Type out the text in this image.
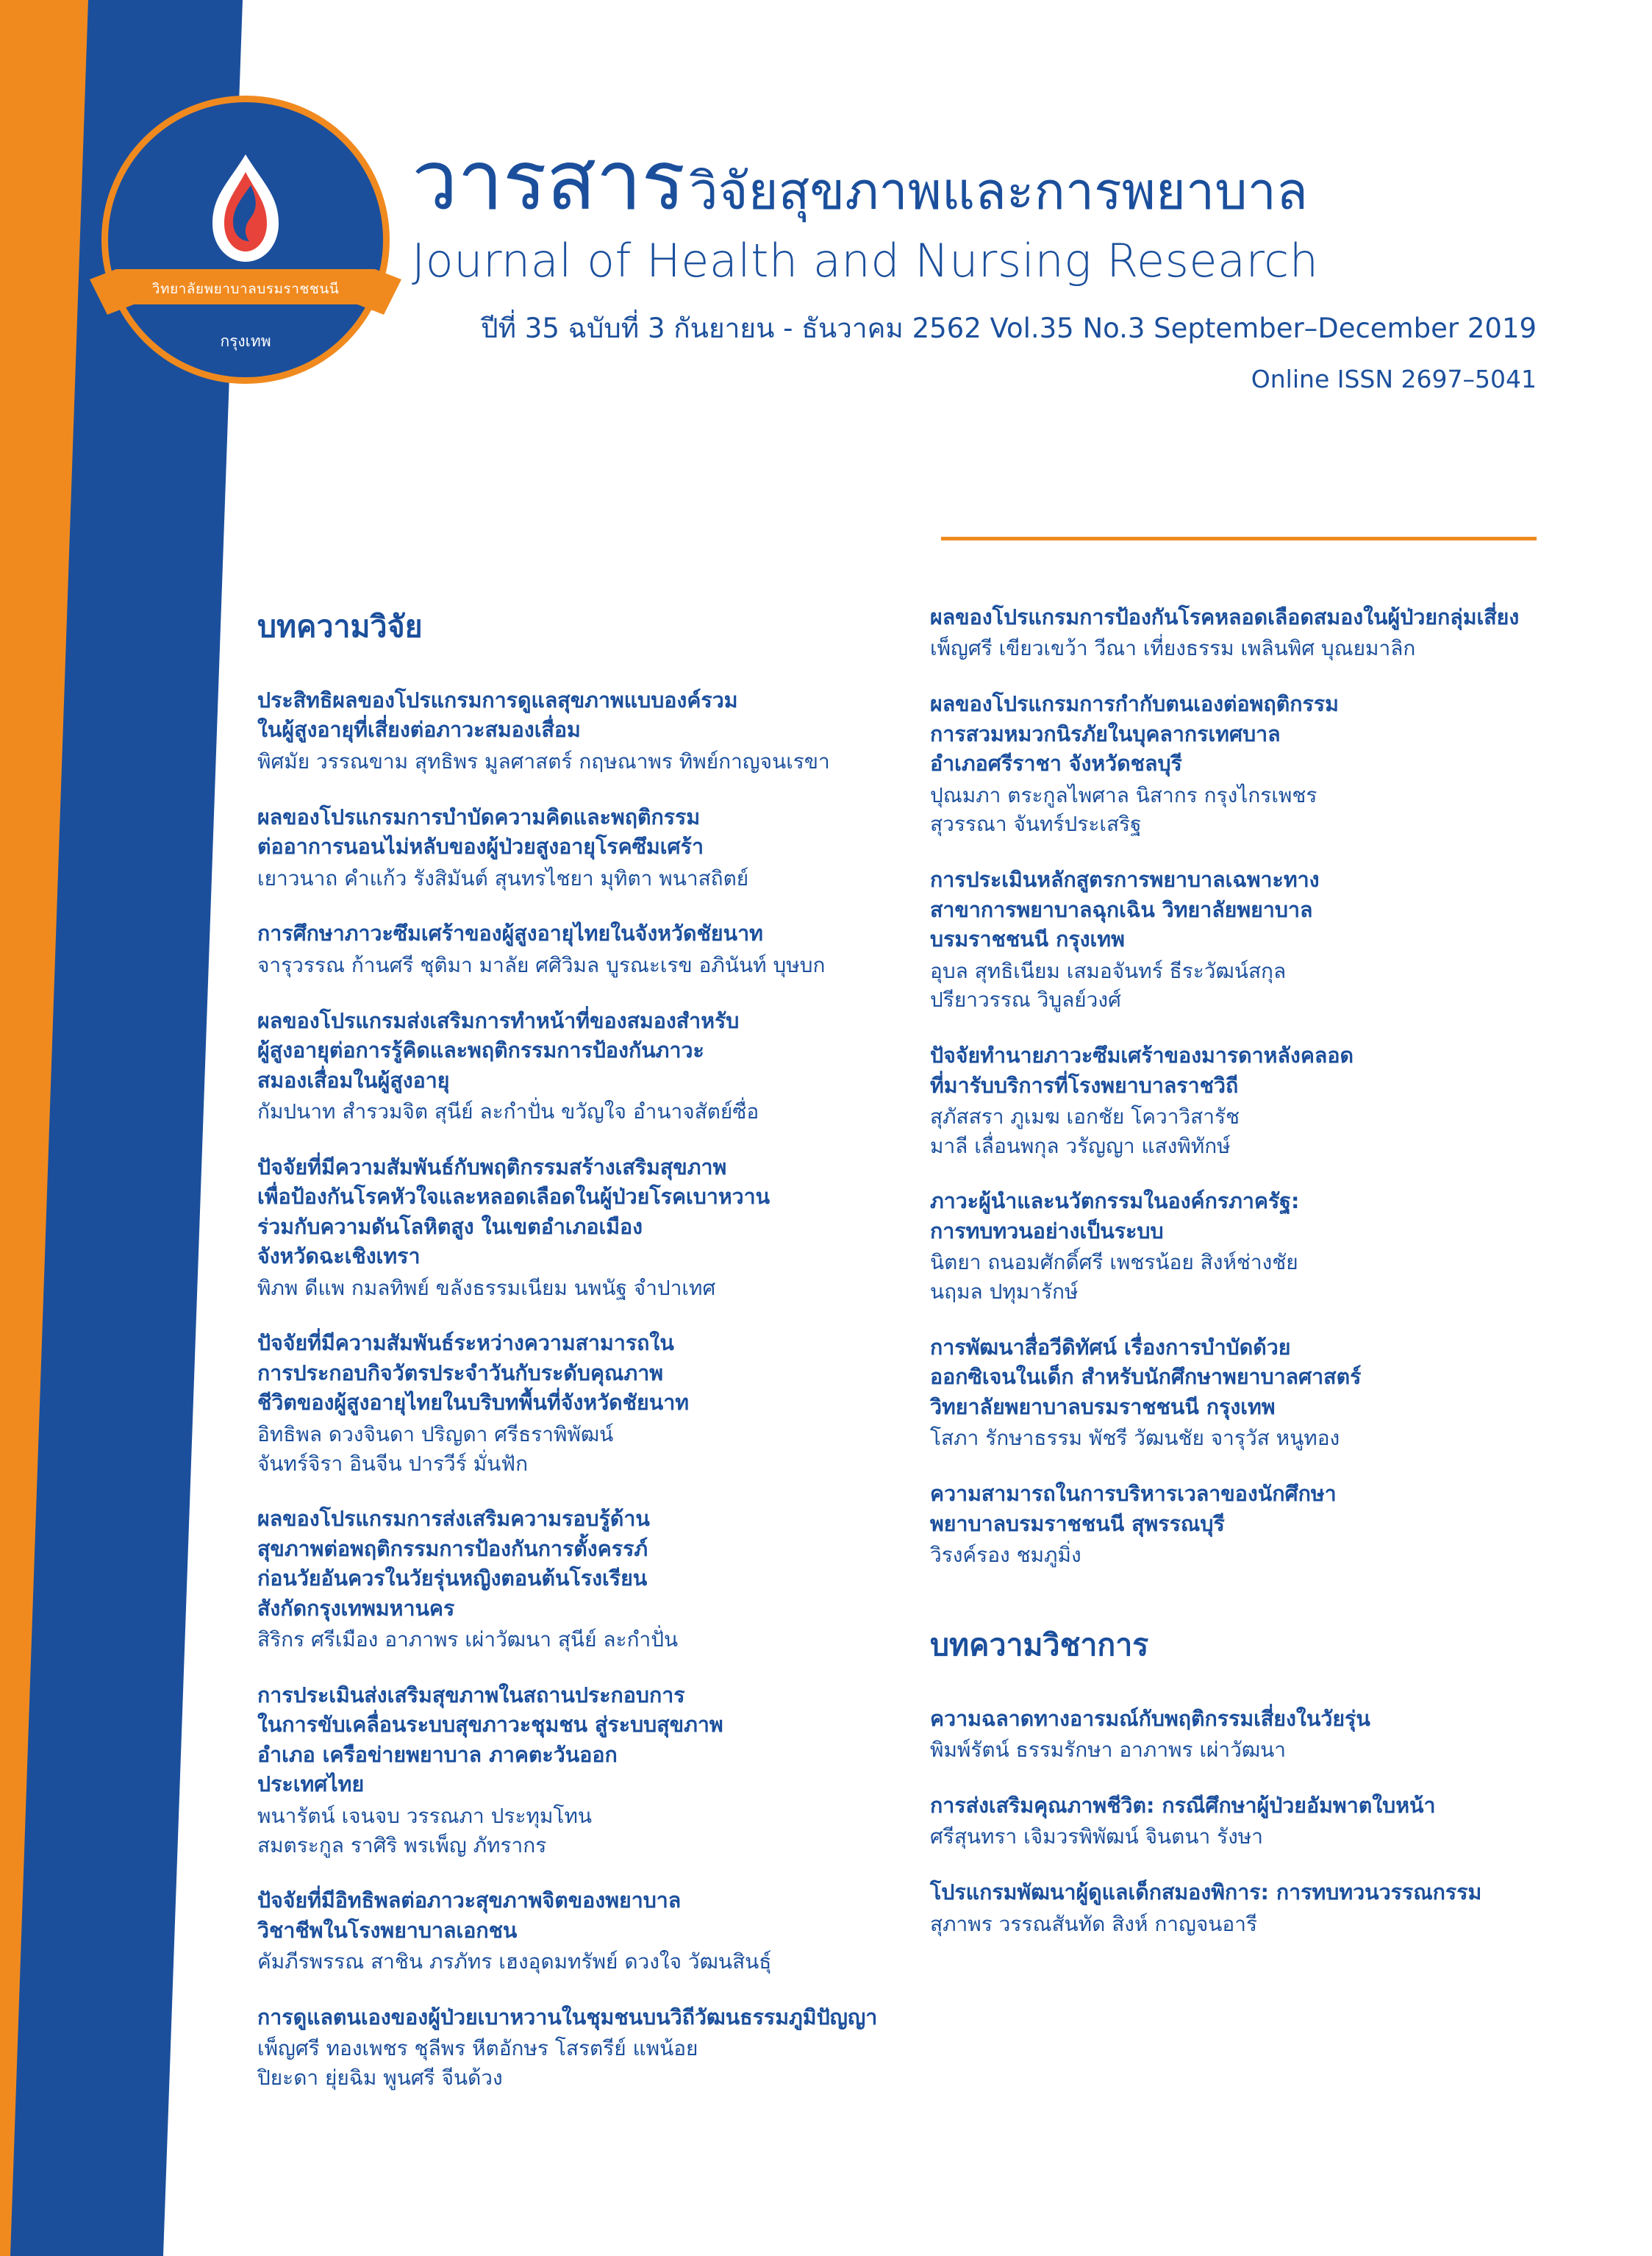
วิทยาลัยพยาบาลบรมราชชนนี
กรุงเทพ
วารสาร วิจัยสุขภาพและการพยาบาล
Journal of Health and Nursing Research
ปีที่ 35 ฉบับที่ 3 กันยายน - ธันวาคม 2562 Vol.35 No.3 September–December 2019
Online ISSN 2697–5041
บทความวิจัย
ประสิทธิผลของโปรแกรมการดูแลสุขภาพแบบองค์รวม
ในผู้สูงอายุที่เสี่ยงต่อภาวะสมองเสื่อม
พิศมัย วรรณขาม สุทธิพร มูลศาสตร์ กฤษณาพร ทิพย์กาญจนเรขา
ผลของโปรแกรมการบำบัดความคิดและพฤติกรรม
ต่ออาการนอนไม่หลับของผู้ป่วยสูงอายุโรคซึมเศร้า
เยาวนาถ คำแก้ว รังสิมันต์ สุนทรไชยา มุทิตา พนาสถิตย์
การศึกษาภาวะซึมเศร้าของผู้สูงอายุไทยในจังหวัดชัยนาท
จารุวรรณ ก้านศรี ชุติมา มาลัย ศศิวิมล บูรณะเรข อภินันท์ บุษบก
ผลของโปรแกรมส่งเสริมการทำหน้าที่ของสมองสำหรับ
ผู้สูงอายุต่อการรู้คิดและพฤติกรรมการป้องกันภาวะ
สมองเสื่อมในผู้สูงอายุ
กัมปนาท สำรวมจิต สุนีย์ ละกำปั่น ขวัญใจ อำนาจสัตย์ซื่อ
ปัจจัยที่มีความสัมพันธ์กับพฤติกรรมสร้างเสริมสุขภาพ
เพื่อป้องกันโรคหัวใจและหลอดเลือดในผู้ป่วยโรคเบาหวาน
ร่วมกับความดันโลหิตสูง ในเขตอำเภอเมือง
จังหวัดฉะเชิงเทรา
พิภพ ดีแพ กมลทิพย์ ขลังธรรมเนียม นพนัฐ จำปาเทศ
ปัจจัยที่มีความสัมพันธ์ระหว่างความสามารถใน
การประกอบกิจวัตรประจำวันกับระดับคุณภาพ
ชีวิตของผู้สูงอายุไทยในบริบทพื้นที่จังหวัดชัยนาท
อิทธิพล ดวงจินดา ปริญดา ศรีธราพิพัฒน์
จันทร์จิรา อินจีน ปารวีร์ มั่นฟัก
ผลของโปรแกรมการส่งเสริมความรอบรู้ด้าน
สุขภาพต่อพฤติกรรมการป้องกันการตั้งครรภ์
ก่อนวัยอันควรในวัยรุ่นหญิงตอนต้นโรงเรียน
สังกัดกรุงเทพมหานคร
สิริกร ศรีเมือง อาภาพร เผ่าวัฒนา สุนีย์ ละกำปั่น
การประเมินส่งเสริมสุขภาพในสถานประกอบการ
ในการขับเคลื่อนระบบสุขภาวะชุมชน สู่ระบบสุขภาพ
อำเภอ เครือข่ายพยาบาล ภาคตะวันออก
ประเทศไทย
พนารัตน์ เจนจบ วรรณภา ประทุมโทน
สมตระกูล ราศิริ พรเพ็ญ ภัทรากร
ปัจจัยที่มีอิทธิพลต่อภาวะสุขภาพจิตของพยาบาล
วิชาชีพในโรงพยาบาลเอกชน
คัมภีรพรรณ สาชิน ภรภัทร เฮงอุดมทรัพย์ ดวงใจ วัฒนสินธุ์
การดูแลตนเองของผู้ป่วยเบาหวานในชุมชนบนวิถีวัฒนธรรมภูมิปัญญา
เพ็ญศรี ทองเพชร ชุลีพร หีตอักษร โสรตรีย์ แพน้อย
ปิยะดา ยุ่ยฉิม พูนศรี จีนด้วง
ผลของโปรแกรมการป้องกันโรคหลอดเลือดสมองในผู้ป่วยกลุ่มเสี่ยง
เพ็ญศรี เขียวเขว้า วีณา เที่ยงธรรม เพลินพิศ บุณยมาลิก
ผลของโปรแกรมการกำกับตนเองต่อพฤติกรรม
การสวมหมวกนิรภัยในบุคลากรเทศบาล
อำเภอศรีราชา จังหวัดชลบุรี
ปุณมภา ตระกูลไพศาล นิสากร กรุงไกรเพชร
สุวรรณา จันทร์ประเสริฐ
การประเมินหลักสูตรการพยาบาลเฉพาะทาง
สาขาการพยาบาลฉุกเฉิน วิทยาลัยพยาบาล
บรมราชชนนี กรุงเทพ
อุบล สุทธิเนียม เสมอจันทร์ ธีระวัฒน์สกุล
ปรียาวรรณ วิบูลย์วงศ์
ปัจจัยทำนายภาวะซึมเศร้าของมารดาหลังคลอด
ที่มารับบริการที่โรงพยาบาลราชวิถี
สุภัสสรา ภูเมฆ เอกชัย โควาวิสารัช
มาลี เลื่อนพกุล วรัญญา แสงพิทักษ์
ภาวะผู้นำและนวัตกรรมในองค์กรภาครัฐ:
การทบทวนอย่างเป็นระบบ
นิตยา ถนอมศักดิ์ศรี เพชรน้อย สิงห์ช่างชัย
นฤมล ปทุมารักษ์
การพัฒนาสื่อวีดิทัศน์ เรื่องการบำบัดด้วย
ออกซิเจนในเด็ก สำหรับนักศึกษาพยาบาลศาสตร์
วิทยาลัยพยาบาลบรมราชชนนี กรุงเทพ
โสภา รักษาธรรม พัชรี วัฒนชัย จารุวัส หนูทอง
ความสามารถในการบริหารเวลาของนักศึกษา
พยาบาลบรมราชชนนี สุพรรณบุรี
วิรงค์รอง ชมภูมิ่ง
บทความวิชาการ
ความฉลาดทางอารมณ์กับพฤติกรรมเสี่ยงในวัยรุ่น
พิมพ์รัตน์ ธรรมรักษา อาภาพร เผ่าวัฒนา
การส่งเสริมคุณภาพชีวิต: กรณีศึกษาผู้ป่วยอัมพาตใบหน้า
ศรีสุนทรา เจิมวรพิพัฒน์ จินตนา รังษา
โปรแกรมพัฒนาผู้ดูแลเด็กสมองพิการ: การทบทวนวรรณกรรม
สุภาพร วรรณสันทัด สิงห์ กาญจนอารี
